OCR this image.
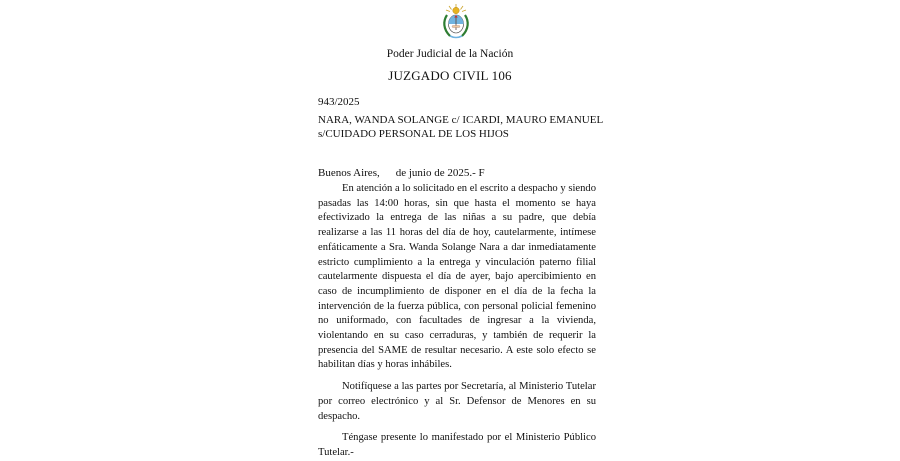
Poder Judicial de la Nación
JUZGADO CIVIL 106
943/2025
NARA, WANDA SOLANGE c/ ICARDI, MAURO EMANUEL
s/CUIDADO PERSONAL DE LOS HIJOS
Buenos Aires, de junio de 2025.- F

En atención a lo solicitado en el escrito a despacho y siendo pasadas las 14:00 horas, sin que hasta el momento se haya efectivizado la entrega de las niñas a su padre, que debía realizarse a las 11 horas del día de hoy, cautelarmente, intímese enfáticamente a Sra. Wanda Solange Nara a dar inmediatamente estricto cumplimiento a la entrega y vinculación paterno filial cautelarmente dispuesta el día de ayer, bajo apercibimiento en caso de incumplimiento de disponer en el día de la fecha la intervención de la fuerza pública, con personal policial femenino no uniformado, con facultades de ingresar a la vivienda, violentando en su caso cerraduras, y también de requerir la presencia del SAME de resultar necesario. A este solo efecto se habilitan días y horas inhábiles.

Notifíquese a las partes por Secretaría, al Ministerio Tutelar por correo electrónico y al Sr. Defensor de Menores en su despacho.

Téngase presente lo manifestado por el Ministerio Público Tutelar.-
